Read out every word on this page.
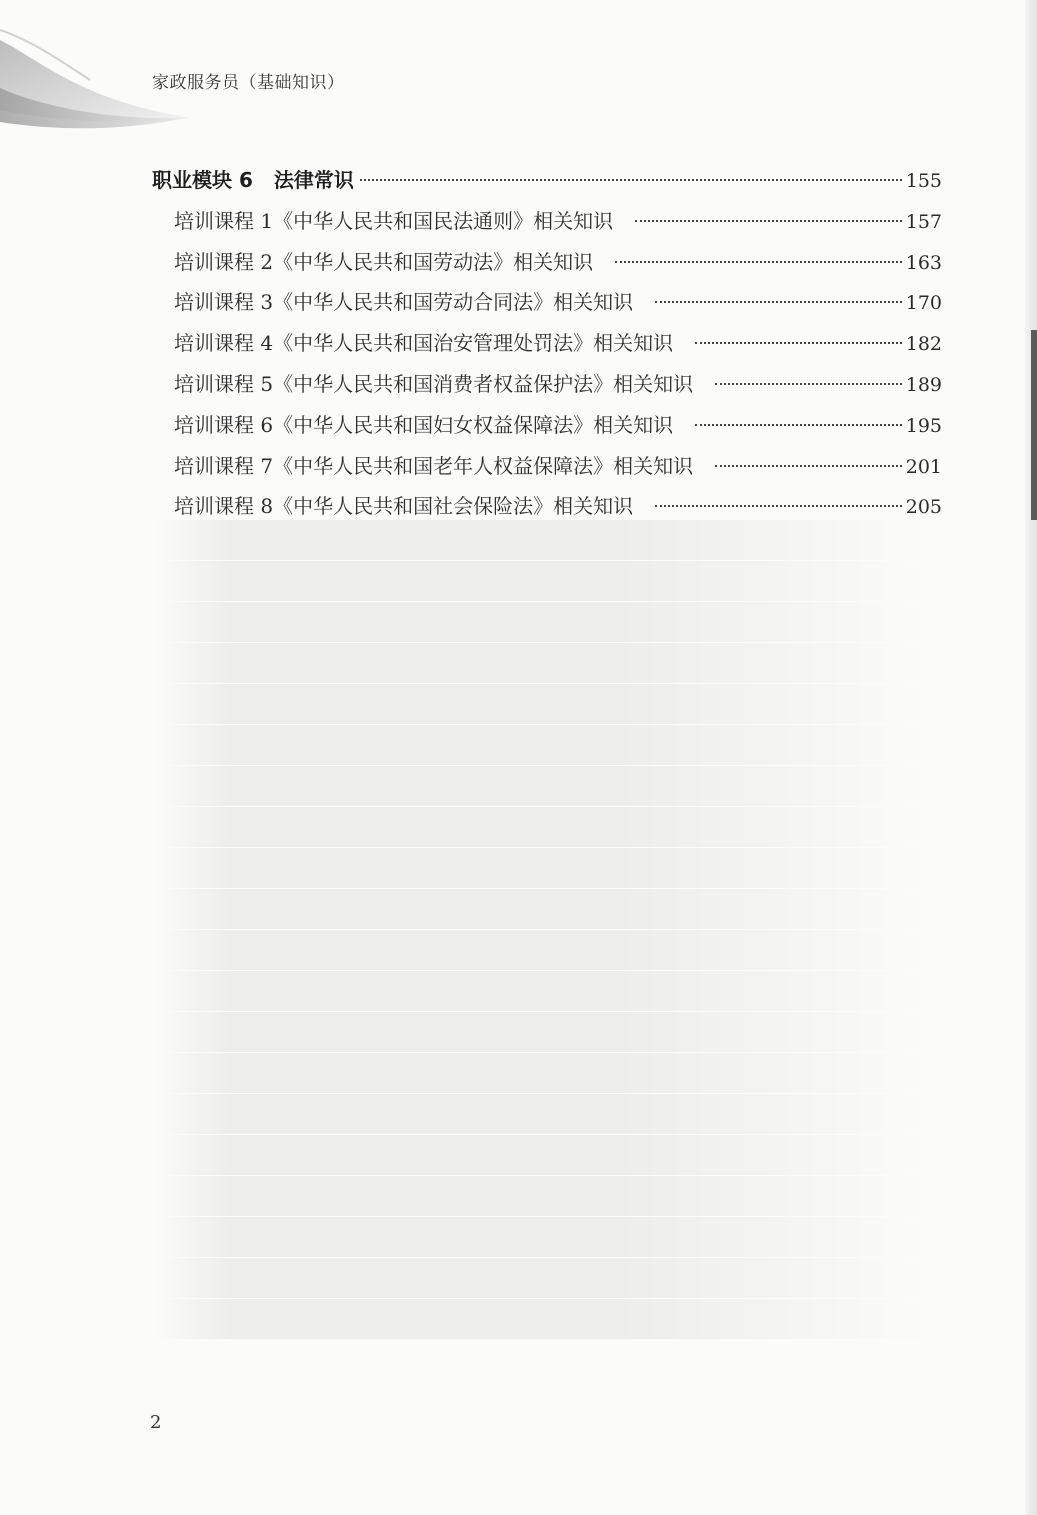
家政服务员（基础知识）
职业模块 6 法律常识	155
培训课程 1《中华人民共和国民法通则》相关知识	157
培训课程 2《中华人民共和国劳动法》相关知识	163
培训课程 3《中华人民共和国劳动合同法》相关知识	170
培训课程 4《中华人民共和国治安管理处罚法》相关知识	182
培训课程 5《中华人民共和国消费者权益保护法》相关知识	189
培训课程 6《中华人民共和国妇女权益保障法》相关知识	195
培训课程 7《中华人民共和国老年人权益保障法》相关知识	201
培训课程 8《中华人民共和国社会保险法》相关知识	205
2
